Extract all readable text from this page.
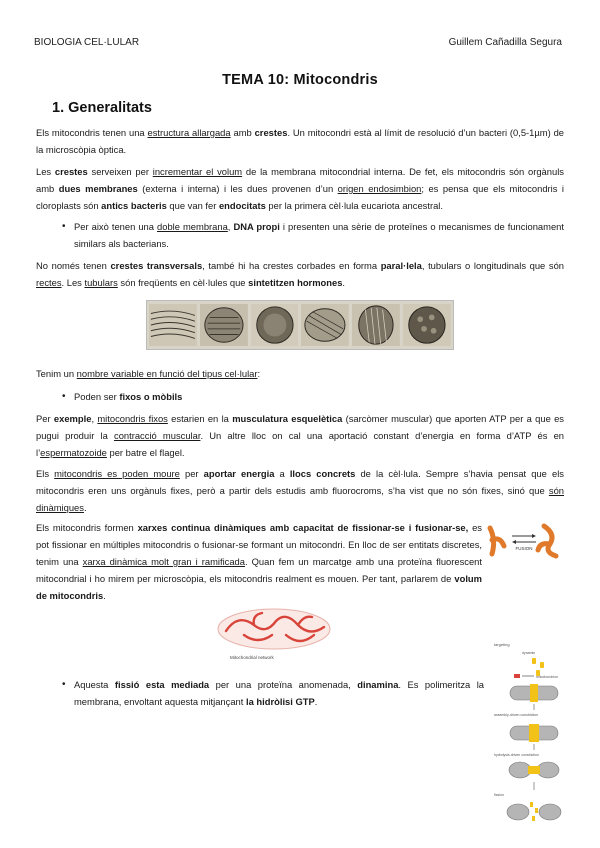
BIOLOGIA CEL·LULAR	Guillem Cañadilla Segura
TEMA 10: Mitocondris
1. Generalitats

Els mitocondris tenen una estructura allargada amb crestes. Un mitocondri està al límit de resolució d’un bacteri (0,5-1µm) de la microscòpia òptica.

Les crestes serveixen per incrementar el volum de la membrana mitocondrial interna. De fet, els mitocondris són orgànuls amb dues membranes (externa i interna) i les dues provenen d’un origen endosimbion; es pensa que els mitocondris i cloroplasts són antics bacteris que van fer endocitats per la primera cèl·lula eucariota ancestral.

• Per això tenen una doble membrana, DNA propi i presenten una sèrie de proteïnes o mecanismes de funcionament similars als bacterians.

No només tenen crestes transversals, també hi ha crestes corbades en forma paral·lela, tubulars o longitudinals que són rectes. Les tubulars són freqüents en cèl·lules que sintetitzen hormones.

Tenim un nombre variable en funció del tipus cel·lular:

• Poden ser fixos o mòbils

Per exemple, mitocondris fixos estarien en la musculatura esquelètica (sarcòmer muscular) que aporten ATP per a que es pugui produir la contracció muscular. Un altre lloc on cal una aportació constant d’energia en forma d’ATP és en l’espermatozoide per batre el flagel.

Els mitocondris es poden moure per aportar energia a llocs concrets de la cèl·lula. Sempre s’havia pensat que els mitocondris eren uns orgànuls fixes, però a partir dels estudis amb fluorocroms, s’ha vist que no són fixes, sinó que són dinàmiques.

Els mitocondris formen xarxes continua dinàmiques amb capacitat de fissionar-se i fusionar-se, es pot fissionar en múltiples mitocondris o fusionar-se formant un mitocondri. En lloc de ser entitats discretes, tenim una xarxa dinàmica molt gran i ramificada. Quan fem un marcatge amb una proteïna fluorescent mitocondrial i ho mirem per microscòpia, els mitocondris realment es mouen. Per tant, parlarem de volum de mitocondris.

FUSION
Mitochondrial network
• Aquesta fissió esta mediada per una proteïna anomenada, dinamina. Es polimeritza la membrana, envoltant aquesta mitjançant la hidròlisi GTP.

targeting
dynamin
mitochondrion
assembly-driven constriction
hydrolysis-driven constriction
fission
